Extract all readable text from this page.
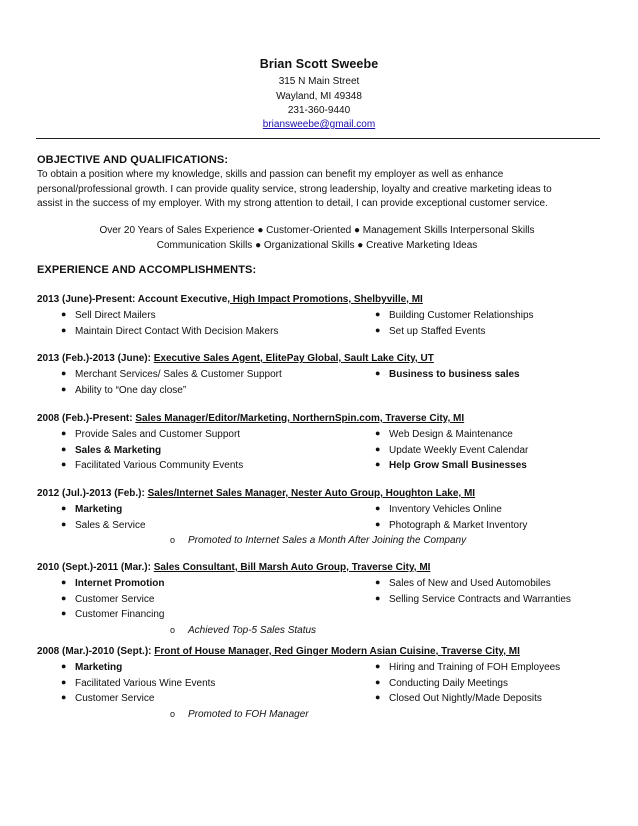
Brian Scott Sweebe
315 N Main Street
Wayland, MI 49348
231-360-9440
briansweebe@gmail.com
OBJECTIVE AND QUALIFICATIONS:
To obtain a position where my knowledge, skills and passion can benefit my employer as well as enhance
personal/professional growth. I can provide quality service, strong leadership, loyalty and creative marketing ideas to
assist in the success of my employer. With my strong attention to detail, I can provide exceptional customer service.
Over 20 Years of Sales Experience ● Customer-Oriented ● Management Skills Interpersonal Skills
Communication Skills ● Organizational Skills ● Creative Marketing Ideas
EXPERIENCE AND ACCOMPLISHMENTS:
2013 (June)-Present: Account Executive, High Impact Promotions, Shelbyville, MI
● Sell Direct Mailers
● Maintain Direct Contact With Decision Makers
● Building Customer Relationships
● Set up Staffed Events
2013 (Feb.)-2013 (June): Executive Sales Agent, ElitePay Global, Sault Lake City, UT
● Merchant Services/ Sales & Customer Support
● Ability to “One day close”
● Business to business sales
2008 (Feb.)-Present: Sales Manager/Editor/Marketing, NorthernSpin.com, Traverse City, MI
● Provide Sales and Customer Support
● Sales & Marketing
● Facilitated Various Community Events
● Web Design & Maintenance
● Update Weekly Event Calendar
● Help Grow Small Businesses
2012 (Jul.)-2013 (Feb.): Sales/Internet Sales Manager, Nester Auto Group, Houghton Lake, MI
● Marketing
● Sales & Service
● Inventory Vehicles Online
● Photograph & Market Inventory
o Promoted to Internet Sales a Month After Joining the Company
2010 (Sept.)-2011 (Mar.): Sales Consultant, Bill Marsh Auto Group, Traverse City, MI
● Internet Promotion
● Customer Service
● Customer Financing
● Sales of New and Used Automobiles
● Selling Service Contracts and Warranties
o Achieved Top-5 Sales Status
2008 (Mar.)-2010 (Sept.): Front of House Manager, Red Ginger Modern Asian Cuisine, Traverse City, MI
● Marketing
● Facilitated Various Wine Events
● Customer Service
● Hiring and Training of FOH Employees
● Conducting Daily Meetings
● Closed Out Nightly/Made Deposits
o Promoted to FOH Manager
